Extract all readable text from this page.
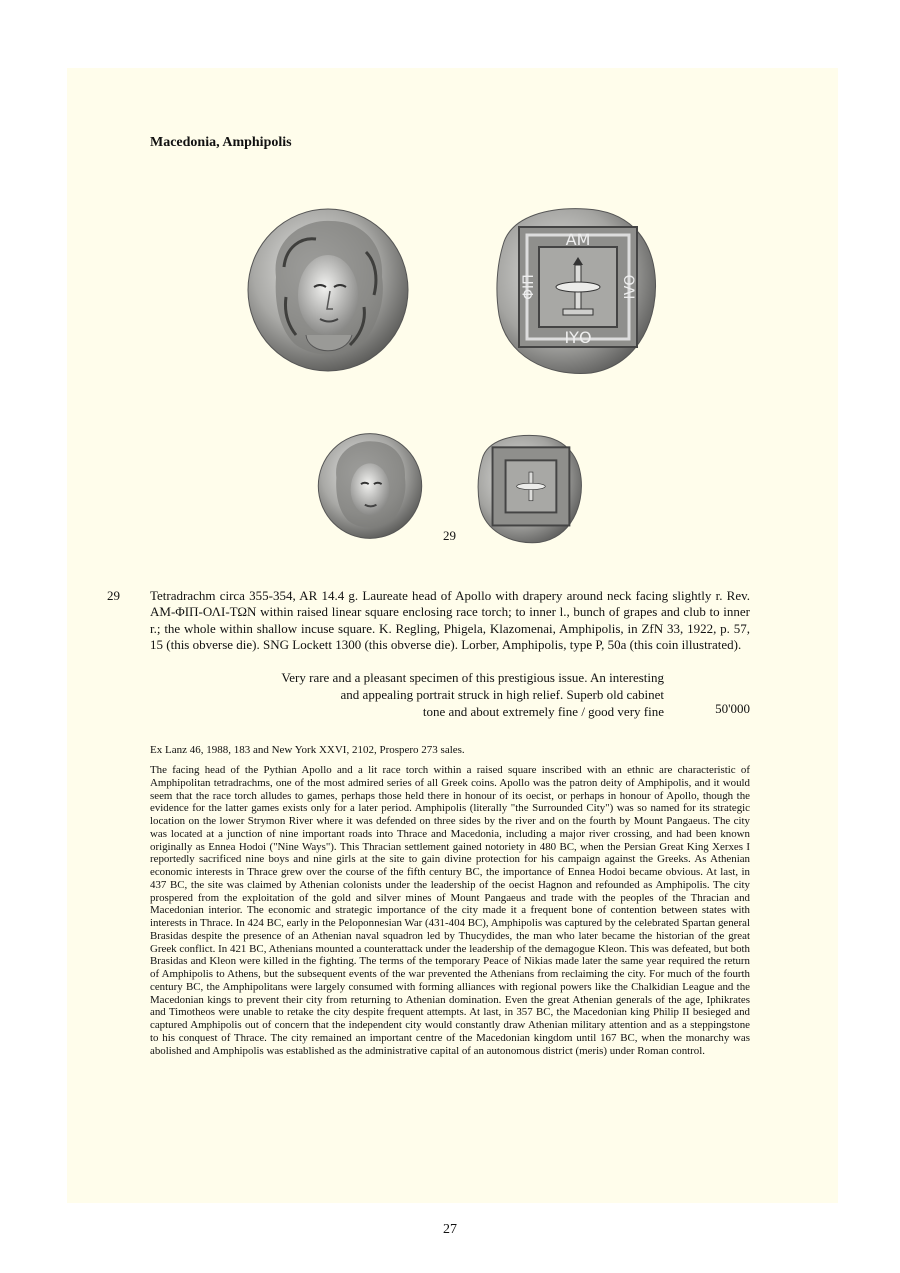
Macedonia, Amphipolis
ΑΜ
ΙΥΟ
ΦΙΠ	ΟΛΙ
29
29 Tetradrachm circa 355-354, AR 14.4 g. Laureate head of Apollo with drapery around neck facing slightly r. Rev. ΑΜ-ΦΙΠ-ΟΛΙ-ΤΩΝ within raised linear square enclosing race torch; to inner l., bunch of grapes and club to inner r.; the whole within shallow incuse square. K. Regling, Phigela, Klazomenai, Amphipolis, in ZfN 33, 1922, p. 57, 15 (this obverse die). SNG Lockett 1300 (this obverse die). Lorber, Amphipolis, type P, 50a (this coin illustrated).
Very rare and a pleasant specimen of this prestigious issue. An interesting
and appealing portrait struck in high relief. Superb old cabinet
tone and about extremely fine / good very fine	50'000
Ex Lanz 46, 1988, 183 and New York XXVI, 2102, Prospero 273 sales.
The facing head of the Pythian Apollo and a lit race torch within a raised square inscribed with an ethnic are characteristic of Amphipolitan tetradrachms, one of the most admired series of all Greek coins. Apollo was the patron deity of Amphipolis, and it would seem that the race torch alludes to games, perhaps those held there in honour of its oecist, or perhaps in honour of Apollo, though the evidence for the latter games exists only for a later period. Amphipolis (literally "the Surrounded City") was so named for its strategic location on the lower Strymon River where it was defended on three sides by the river and on the fourth by Mount Pangaeus. The city was located at a junction of nine important roads into Thrace and Macedonia, including a major river crossing, and had been known originally as Ennea Hodoi ("Nine Ways"). This Thracian settlement gained notoriety in 480 BC, when the Persian Great King Xerxes I reportedly sacrificed nine boys and nine girls at the site to gain divine protection for his campaign against the Greeks. As Athenian economic interests in Thrace grew over the course of the fifth century BC, the importance of Ennea Hodoi became obvious. At last, in 437 BC, the site was claimed by Athenian colonists under the leadership of the oecist Hagnon and refounded as Amphipolis. The city prospered from the exploitation of the gold and silver mines of Mount Pangaeus and trade with the peoples of the Thracian and Macedonian interior. The economic and strategic importance of the city made it a frequent bone of contention between states with interests in Thrace. In 424 BC, early in the Peloponnesian War (431-404 BC), Amphipolis was captured by the celebrated Spartan general Brasidas despite the presence of an Athenian naval squadron led by Thucydides, the man who later became the historian of the great Greek conflict. In 421 BC, Athenians mounted a counterattack under the leadership of the demagogue Kleon. This was defeated, but both Brasidas and Kleon were killed in the fighting. The terms of the temporary Peace of Nikias made later the same year required the return of Amphipolis to Athens, but the subsequent events of the war prevented the Athenians from reclaiming the city. For much of the fourth century BC, the Amphipolitans were largely consumed with forming alliances with regional powers like the Chalkidian League and the Macedonian kings to prevent their city from returning to Athenian domination. Even the great Athenian generals of the age, Iphikrates and Timotheos were unable to retake the city despite frequent attempts. At last, in 357 BC, the Macedonian king Philip II besieged and captured Amphipolis out of concern that the independent city would constantly draw Athenian military attention and as a steppingstone to his conquest of Thrace. The city remained an important centre of the Macedonian kingdom until 167 BC, when the monarchy was abolished and Amphipolis was established as the administrative capital of an autonomous district (meris) under Roman control.
27
